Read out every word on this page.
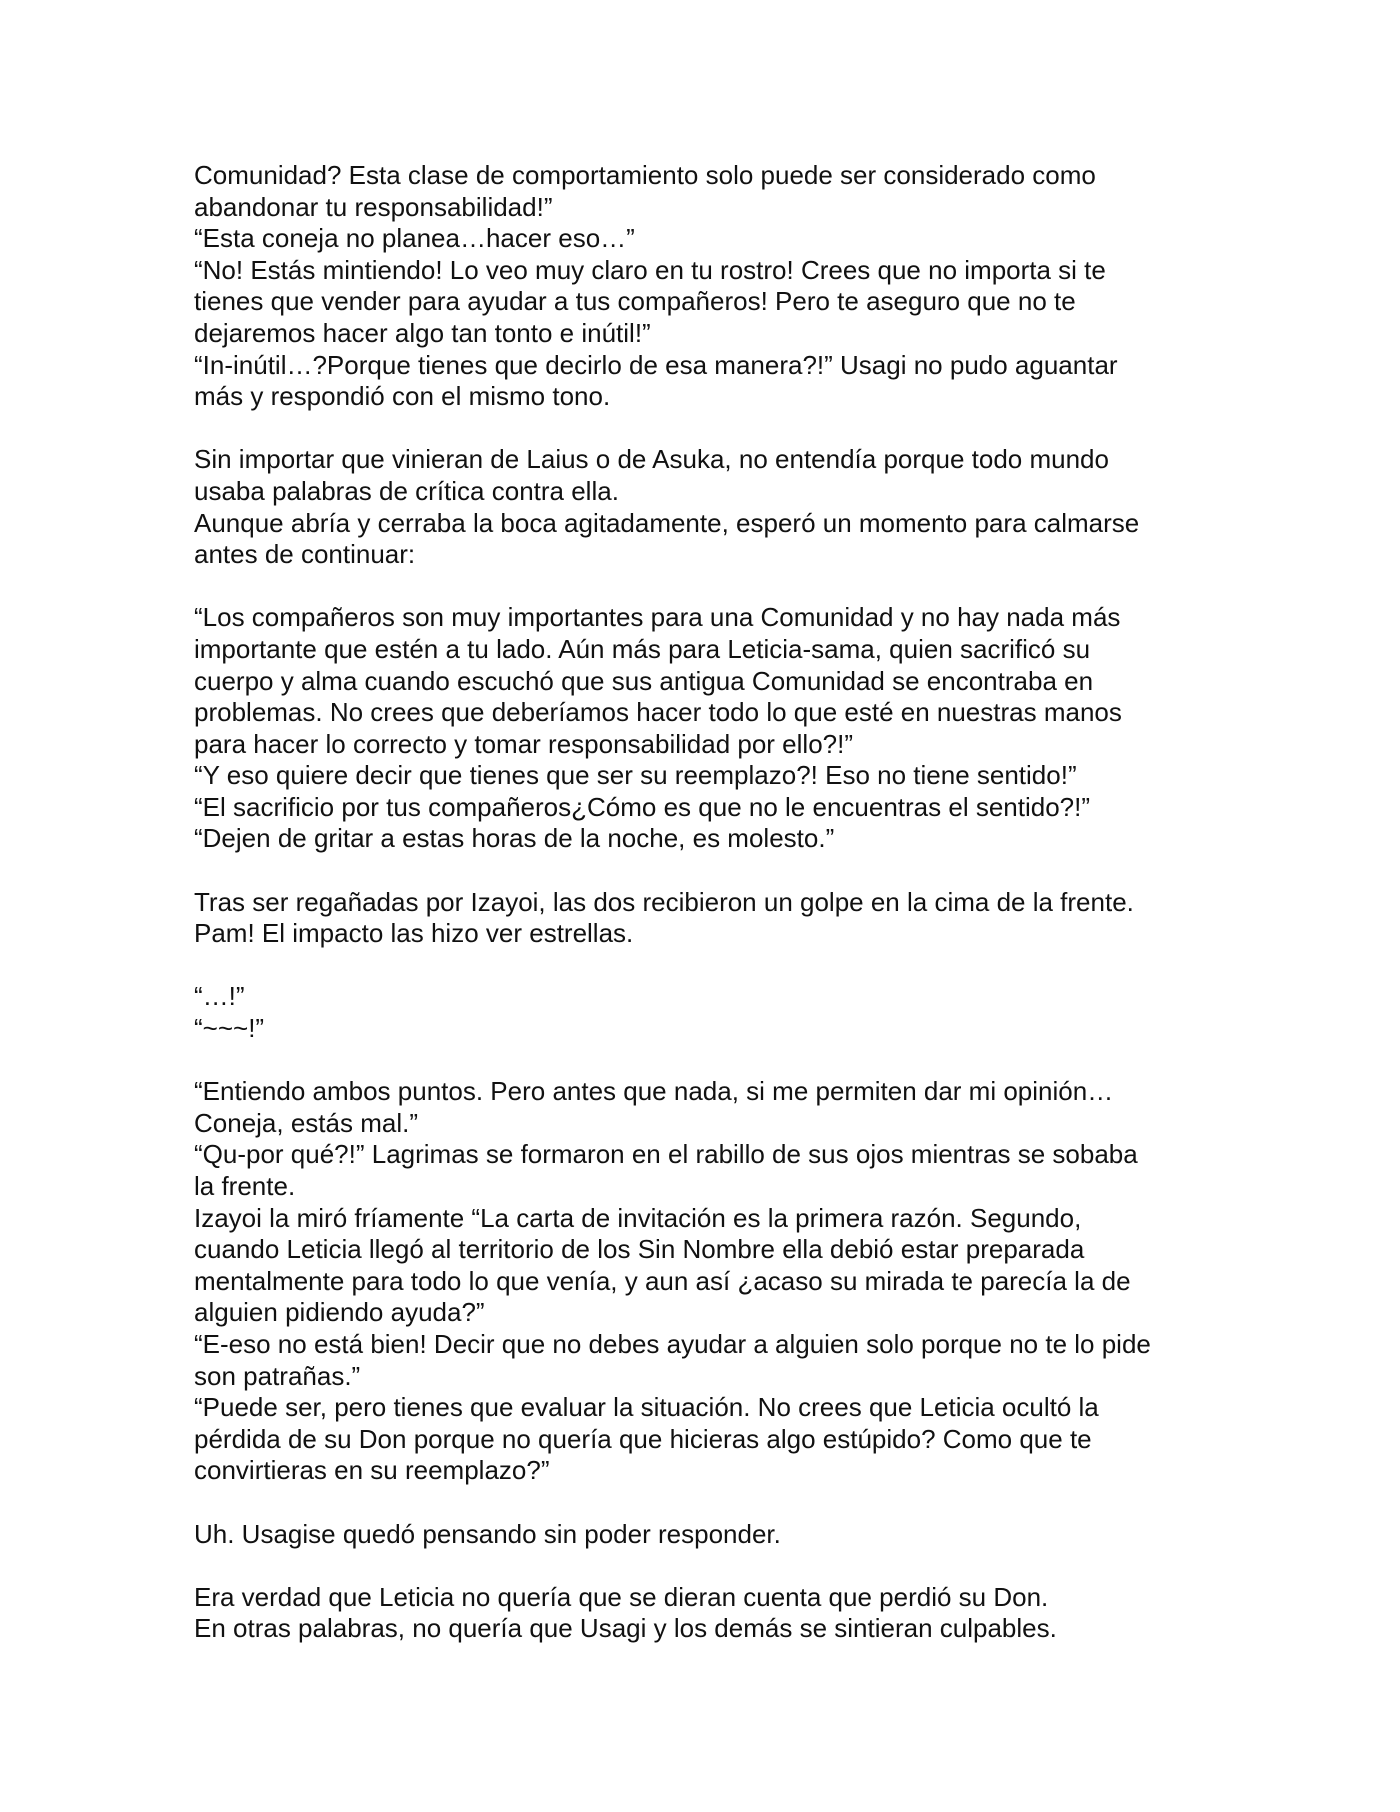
Comunidad? Esta clase de comportamiento solo puede ser considerado como
abandonar tu responsabilidad!”
“Esta coneja no planea…hacer eso…”
“No! Estás mintiendo! Lo veo muy claro en tu rostro! Crees que no importa si te
tienes que vender para ayudar a tus compañeros! Pero te aseguro que no te
dejaremos hacer algo tan tonto e inútil!”
“In-inútil…?Porque tienes que decirlo de esa manera?!” Usagi no pudo aguantar
más y respondió con el mismo tono.
Sin importar que vinieran de Laius o de Asuka, no entendía porque todo mundo
usaba palabras de crítica contra ella.
Aunque abría y cerraba la boca agitadamente, esperó un momento para calmarse
antes de continuar:
“Los compañeros son muy importantes para una Comunidad y no hay nada más
importante que estén a tu lado. Aún más para Leticia-sama, quien sacrificó su
cuerpo y alma cuando escuchó que sus antigua Comunidad se encontraba en
problemas. No crees que deberíamos hacer todo lo que esté en nuestras manos
para hacer lo correcto y tomar responsabilidad por ello?!”
“Y eso quiere decir que tienes que ser su reemplazo?! Eso no tiene sentido!”
“El sacrificio por tus compañeros¿Cómo es que no le encuentras el sentido?!”
“Dejen de gritar a estas horas de la noche, es molesto.”
Tras ser regañadas por Izayoi, las dos recibieron un golpe en la cima de la frente.
Pam! El impacto las hizo ver estrellas.
“…!”
“~~~!”
“Entiendo ambos puntos. Pero antes que nada, si me permiten dar mi opinión…
Coneja, estás mal.”
“Qu-por qué?!” Lagrimas se formaron en el rabillo de sus ojos mientras se sobaba
la frente.
Izayoi la miró fríamente “La carta de invitación es la primera razón. Segundo,
cuando Leticia llegó al territorio de los Sin Nombre ella debió estar preparada
mentalmente para todo lo que venía, y aun así ¿acaso su mirada te parecía la de
alguien pidiendo ayuda?”
“E-eso no está bien! Decir que no debes ayudar a alguien solo porque no te lo pide
son patrañas.”
“Puede ser, pero tienes que evaluar la situación. No crees que Leticia ocultó la
pérdida de su Don porque no quería que hicieras algo estúpido? Como que te
convirtieras en su reemplazo?”
Uh. Usagise quedó pensando sin poder responder.
Era verdad que Leticia no quería que se dieran cuenta que perdió su Don.
En otras palabras, no quería que Usagi y los demás se sintieran culpables.
